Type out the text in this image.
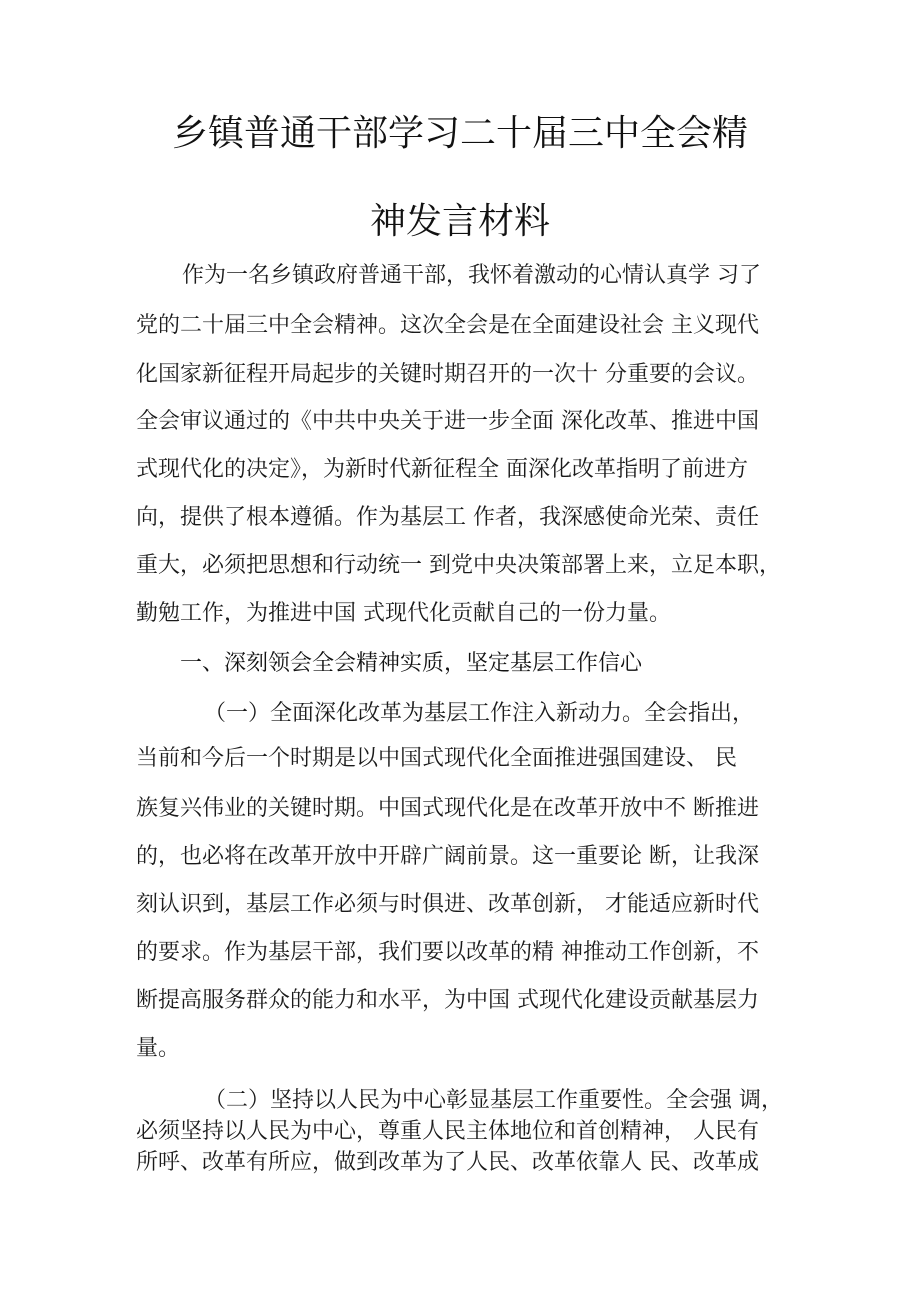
乡镇普通干部学习二十届三中全会精
神发言材料
作为一名乡镇政府普通干部，我怀着激动的心情认真学 习了
党的二十届三中全会精神。这次全会是在全面建设社会 主义现代
化国家新征程开局起步的关键时期召开的一次十 分重要的会议。
全会审议通过的《中共中央关于进一步全面 深化改革、推进中国
式现代化的决定》，为新时代新征程全 面深化改革指明了前进方
向，提供了根本遵循。作为基层工 作者，我深感使命光荣、责任
重大，必须把思想和行动统一 到党中央决策部署上来，立足本职，
勤勉工作，为推进中国 式现代化贡献自己的一份力量。
一、深刻领会全会精神实质，坚定基层工作信心
（一）全面深化改革为基层工作注入新动力。全会指出，
当前和今后一个时期是以中国式现代化全面推进强国建设、 民
族复兴伟业的关键时期。中国式现代化是在改革开放中不 断推进
的，也必将在改革开放中开辟广阔前景。这一重要论 断，让我深
刻认识到，基层工作必须与时俱进、改革创新， 才能适应新时代
的要求。作为基层干部，我们要以改革的精 神推动工作创新，不
断提高服务群众的能力和水平，为中国 式现代化建设贡献基层力
量。
（二）坚持以人民为中心彰显基层工作重要性。全会强 调，
必须坚持以人民为中心，尊重人民主体地位和首创精神， 人民有
所呼、改革有所应，做到改革为了人民、改革依靠人 民、改革成
